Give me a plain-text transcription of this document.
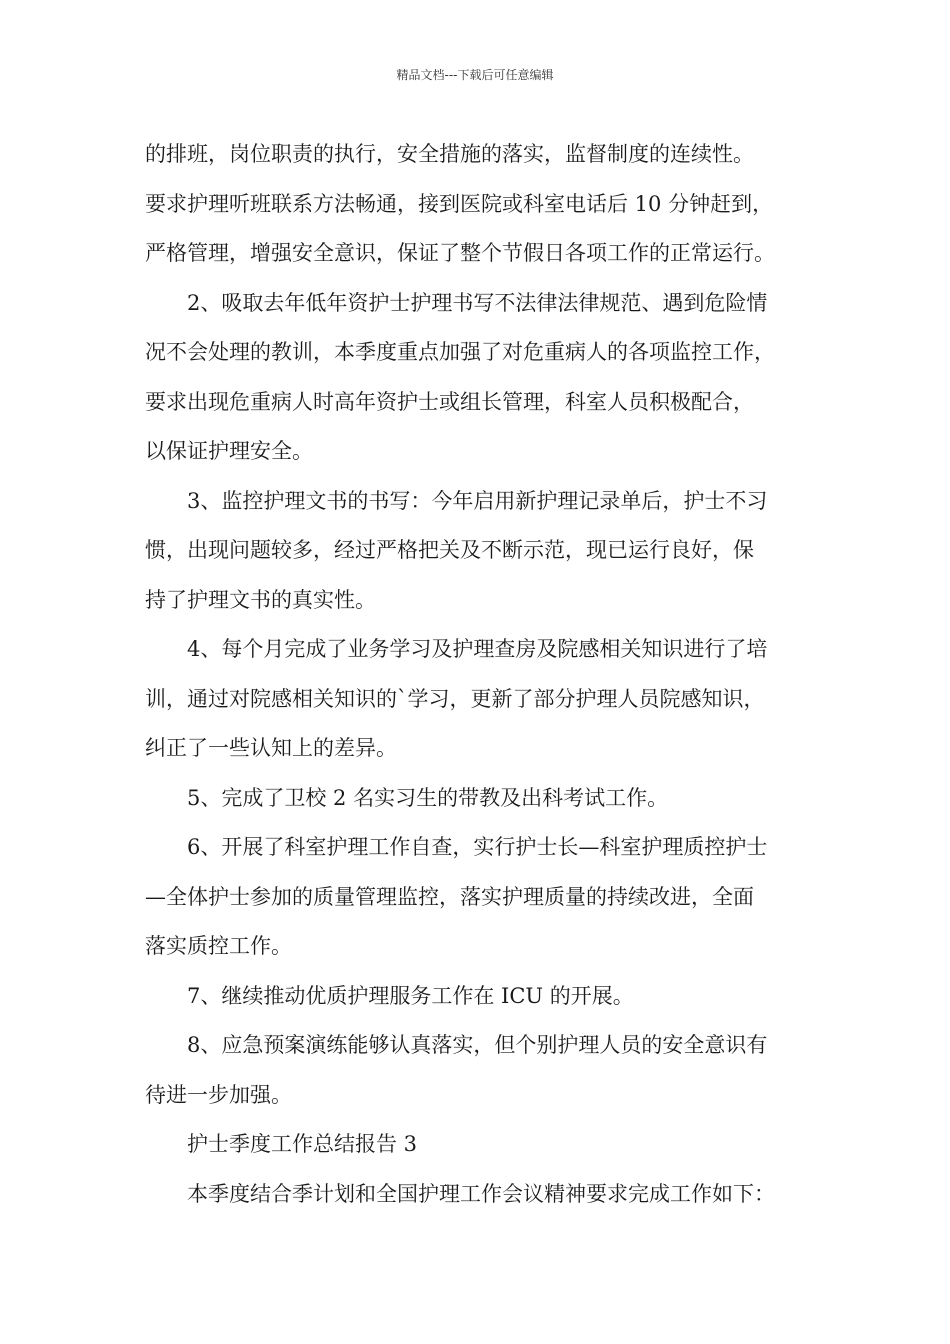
精品文档---下载后可任意编辑
的排班，岗位职责的执行，安全措施的落实，监督制度的连续性。
要求护理听班联系方法畅通，接到医院或科室电话后 10 分钟赶到，
严格管理，增强安全意识，保证了整个节假日各项工作的正常运行。
2、吸取去年低年资护士护理书写不法律法律规范、遇到危险情
况不会处理的教训，本季度重点加强了对危重病人的各项监控工作，
要求出现危重病人时高年资护士或组长管理，科室人员积极配合，
以保证护理安全。
3、监控护理文书的书写：今年启用新护理记录单后，护士不习
惯，出现问题较多，经过严格把关及不断示范，现已运行良好，保
持了护理文书的真实性。
4、每个月完成了业务学习及护理查房及院感相关知识进行了培
训，通过对院感相关知识的`学习，更新了部分护理人员院感知识，
纠正了一些认知上的差异。
5、完成了卫校 2 名实习生的带教及出科考试工作。
6、开展了科室护理工作自查，实行护士长—科室护理质控护士
—全体护士参加的质量管理监控，落实护理质量的持续改进，全面
落实质控工作。
7、继续推动优质护理服务工作在 ICU 的开展。
8、应急预案演练能够认真落实，但个别护理人员的安全意识有
待进一步加强。
护士季度工作总结报告 3
本季度结合季计划和全国护理工作会议精神要求完成工作如下：
